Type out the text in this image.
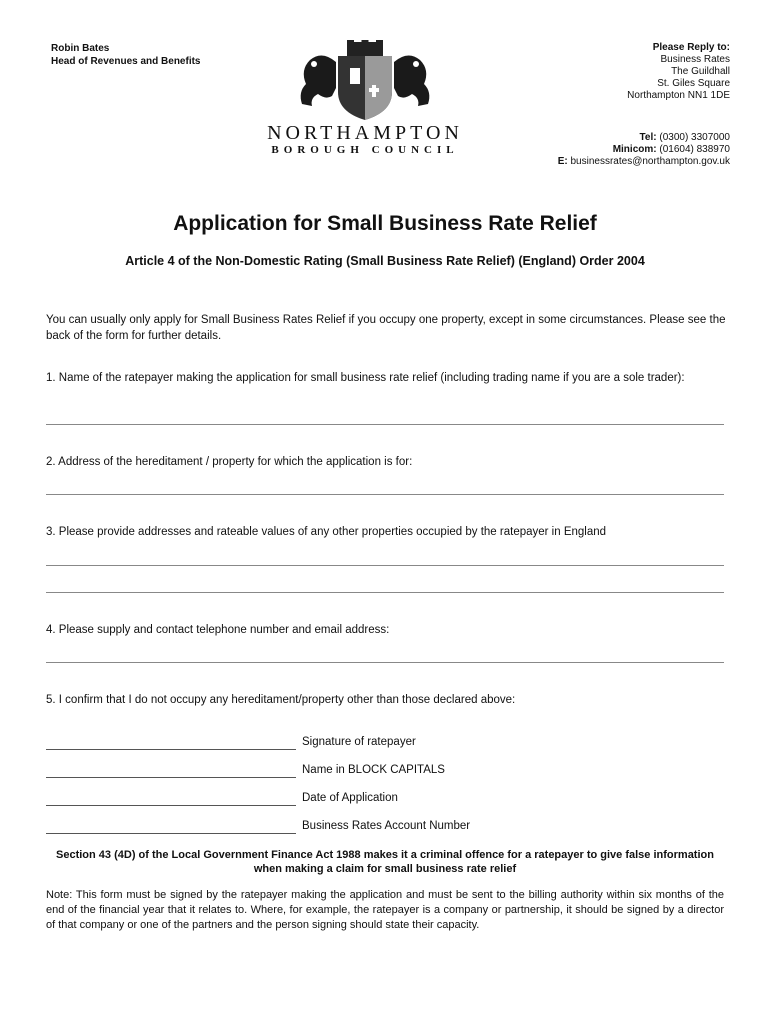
Robin Bates
Head of Revenues and Benefits
NORTHAMPTON
BOROUGH COUNCIL
Please Reply to:
Business Rates
The Guildhall
St. Giles Square
Northampton NN1 1DE
Tel: (0300) 3307000
Minicom: (01604) 838970
E: businessrates@northampton.gov.uk
Application for Small Business Rate Relief
Article 4 of the Non-Domestic Rating (Small Business Rate Relief) (England) Order 2004
You can usually only apply for Small Business Rates Relief if you occupy one property, except in some circumstances. Please see the back of the form for further details.
1. Name of the ratepayer making the application for small business rate relief (including trading name if you are a sole trader):
2. Address of the hereditament / property for which the application is for:
3. Please provide addresses and rateable values of any other properties occupied by the ratepayer in England
4. Please supply and contact telephone number and email address:
5. I confirm that I do not occupy any hereditament/property other than those declared above:
Signature of ratepayer
Name in BLOCK CAPITALS
Date of Application
Business Rates Account Number
Section 43 (4D) of the Local Government Finance Act 1988 makes it a criminal offence for a ratepayer to give false information when making a claim for small business rate relief
Note: This form must be signed by the ratepayer making the application and must be sent to the billing authority within six months of the end of the financial year that it relates to. Where, for example, the ratepayer is a company or partnership, it should be signed by a director of that company or one of the partners and the person signing should state their capacity.
